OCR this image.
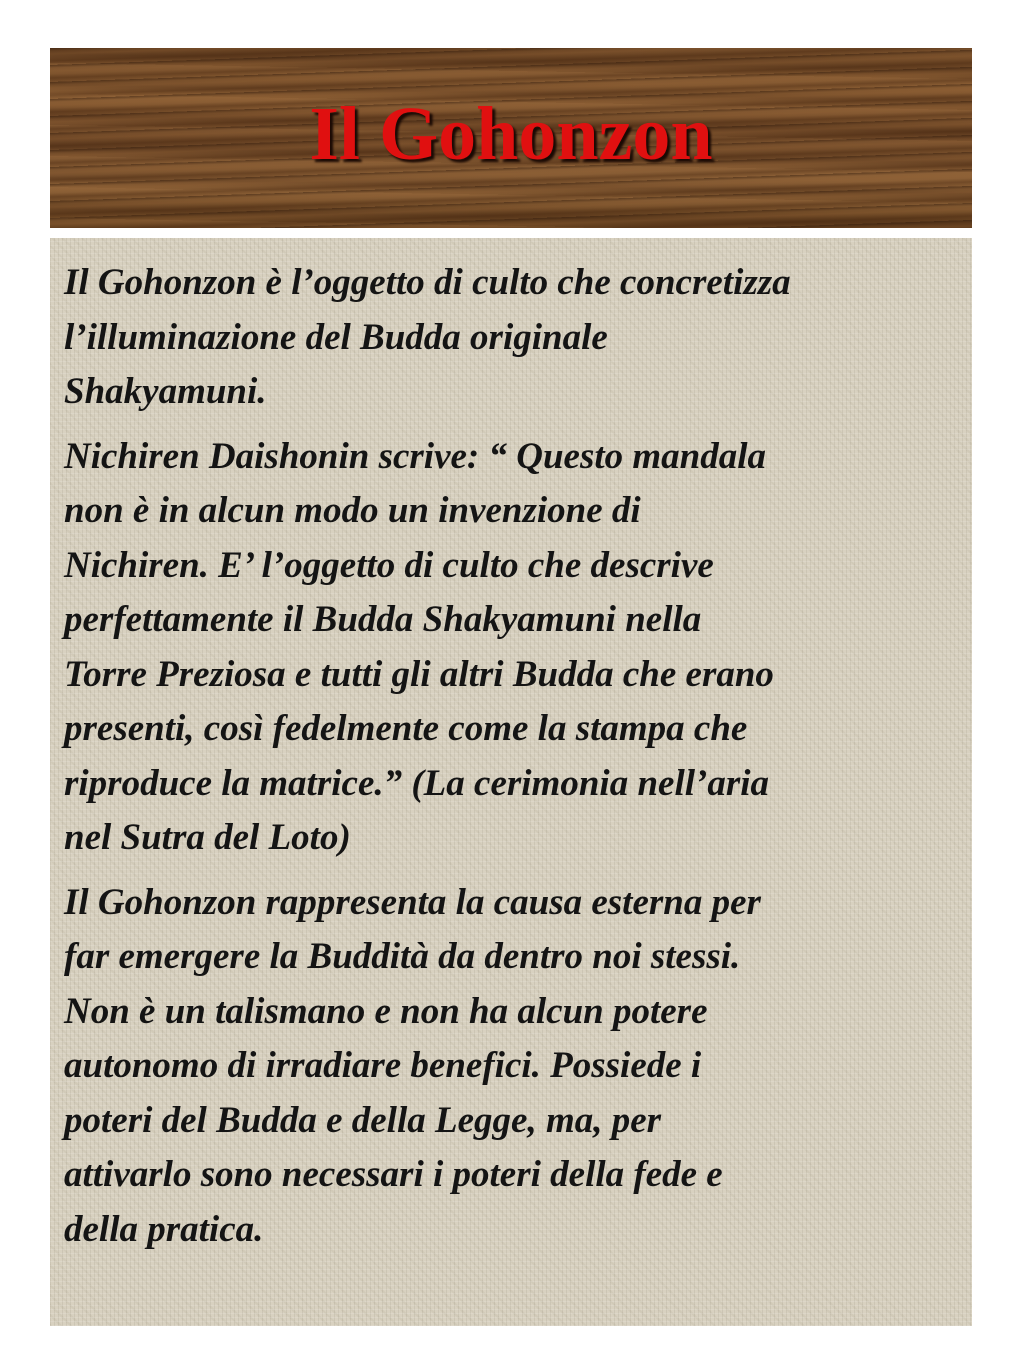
Il Gohonzon

Il Gohonzon è l’oggetto di culto che concretizza
l’illuminazione del Budda originale
Shakyamuni.

Nichiren Daishonin scrive: “ Questo mandala
non è in alcun modo un invenzione di
Nichiren. E’ l’oggetto di culto che descrive
perfettamente il Budda Shakyamuni nella
Torre Preziosa e tutti gli altri Budda che erano
presenti, così fedelmente come la stampa che
riproduce la matrice.” (La cerimonia nell’aria
nel Sutra del Loto)

Il Gohonzon rappresenta la causa esterna per
far emergere la Buddità da dentro noi stessi.
Non è un talismano e non ha alcun potere
autonomo di irradiare benefici. Possiede i
poteri del Budda e della Legge, ma, per
attivarlo sono necessari i poteri della fede e
della pratica.
